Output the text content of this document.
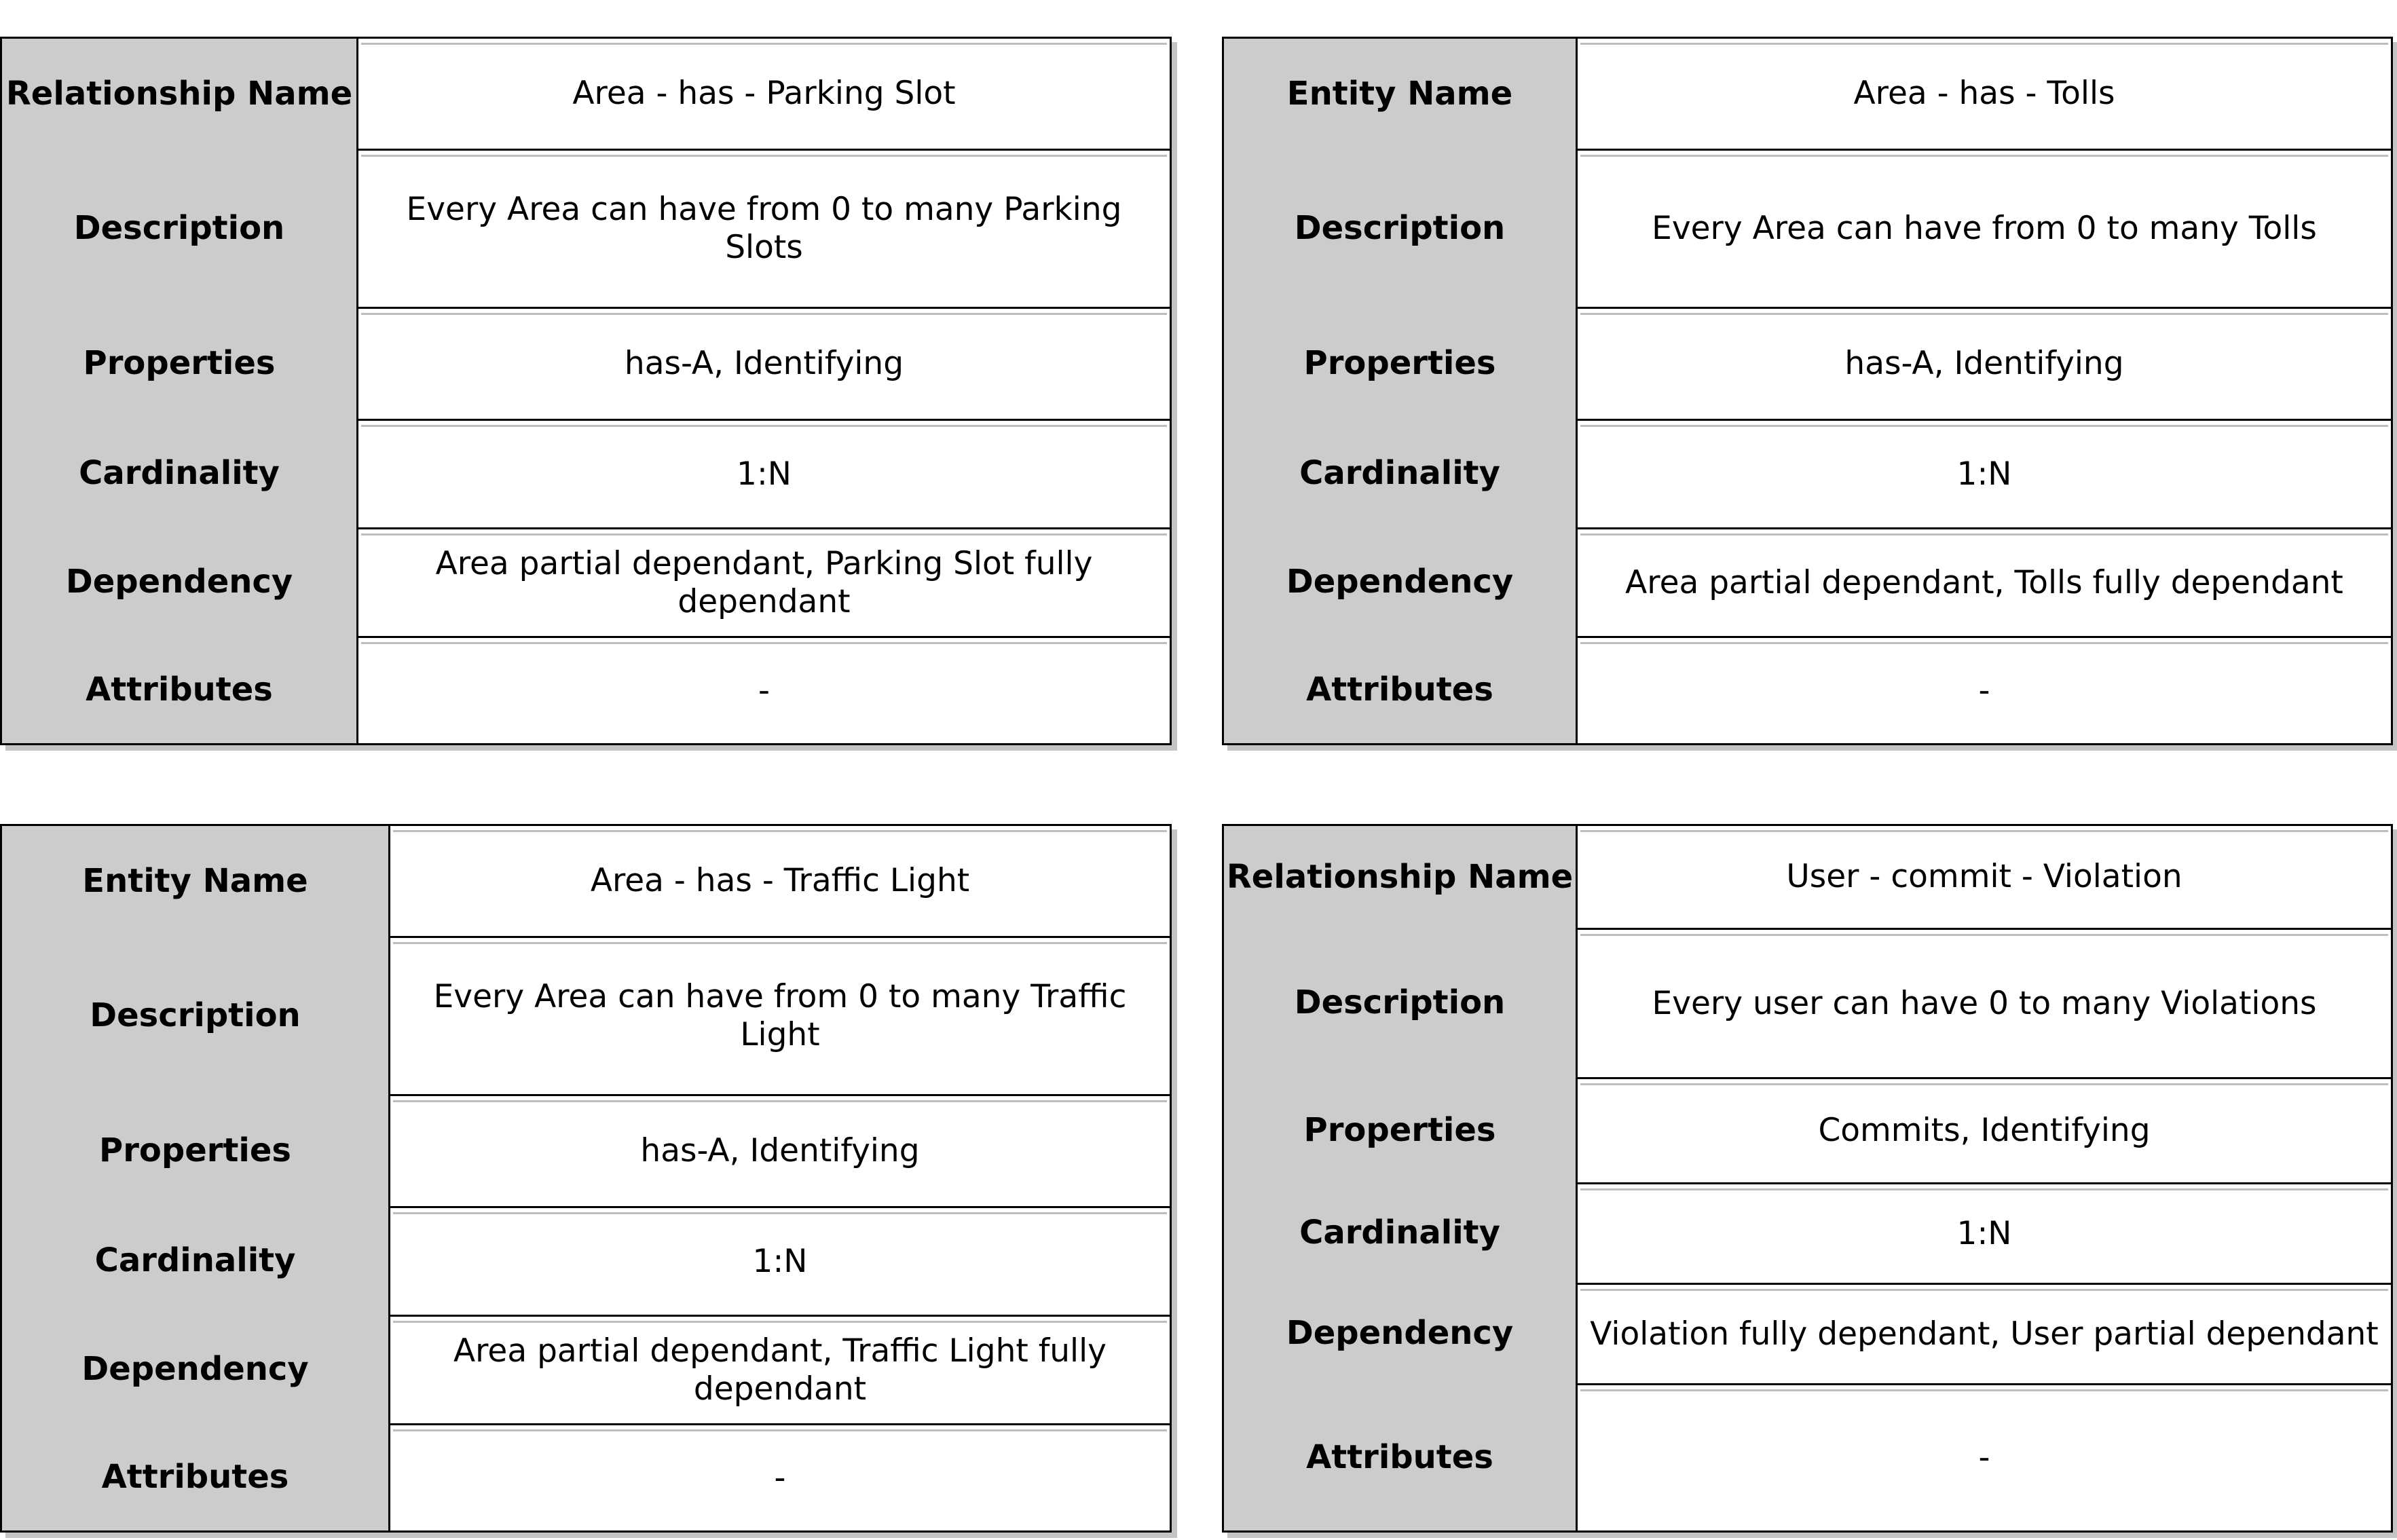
Relationship Name
Description
Properties
Cardinality
Dependency
Attributes
Area - has - Parking Slot
Every Area can have from 0 to many Parking Slots
has-A, Identifying
1:N
Area partial dependant, Parking Slot fully dependant
-
Entity Name
Description
Properties
Cardinality
Dependency
Attributes
Area - has - Tolls
Every Area can have from 0 to many Tolls
has-A, Identifying
1:N
Area partial dependant, Tolls fully dependant
-
Entity Name
Description
Properties
Cardinality
Dependency
Attributes
Area - has - Traffic Light
Every Area can have from 0 to many Traffic Light
has-A, Identifying
1:N
Area partial dependant, Traffic Light fully dependant
-
Relationship Name
Description
Properties
Cardinality
Dependency
Attributes
User - commit - Violation
Every user can have 0 to many Violations
Commits, Identifying
1:N
Violation fully dependant, User partial dependant
-
